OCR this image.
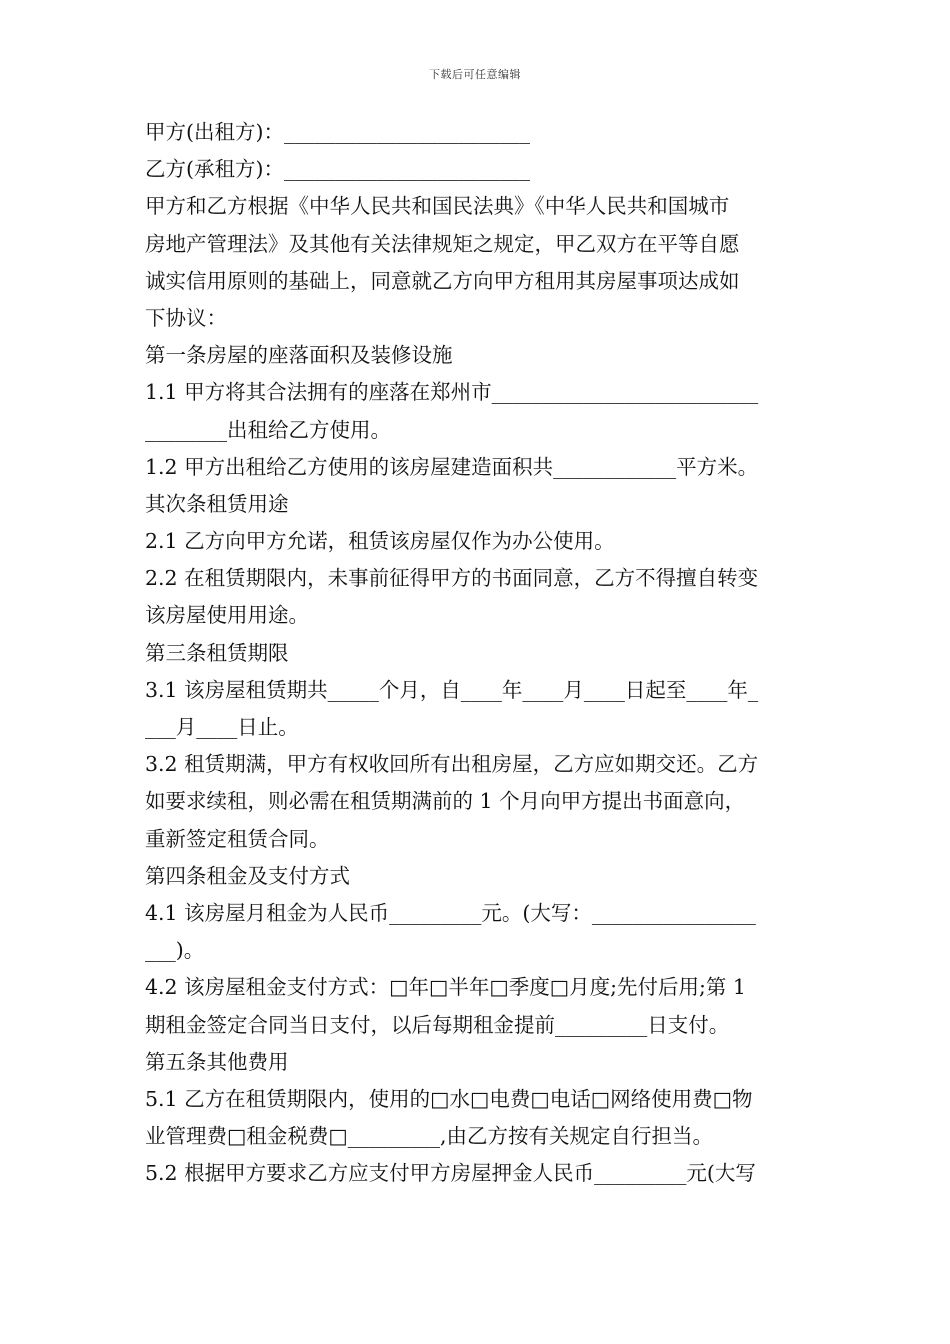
下载后可任意编辑
甲方(出租方)：________________________
乙方(承租方)：________________________
甲方和乙方根据《中华人民共和国民法典》《中华人民共和国城市
房地产管理法》及其他有关法律规矩之规定，甲乙双方在平等自愿
诚实信用原则的基础上，同意就乙方向甲方租用其房屋事项达成如
下协议：
第一条房屋的座落面积及装修设施
1.1 甲方将其合法拥有的座落在郑州市__________________________
________出租给乙方使用。
1.2 甲方出租给乙方使用的该房屋建造面积共____________平方米。
其次条租赁用途
2.1 乙方向甲方允诺，租赁该房屋仅作为办公使用。
2.2 在租赁期限内，未事前征得甲方的书面同意，乙方不得擅自转变
该房屋使用用途。
第三条租赁期限
3.1 该房屋租赁期共_____个月，自____年____月____日起至____年_
___月____日止。
3.2 租赁期满，甲方有权收回所有出租房屋，乙方应如期交还。乙方
如要求续租，则必需在租赁期满前的 1 个月向甲方提出书面意向，
重新签定租赁合同。
第四条租金及支付方式
4.1 该房屋月租金为人民币_________元。(大写：________________
___)。
4.2 该房屋租金支付方式：□年□半年□季度□月度;先付后用;第 1
期租金签定合同当日支付，以后每期租金提前_________日支付。
第五条其他费用
5.1 乙方在租赁期限内，使用的□水□电费□电话□网络使用费□物
业管理费□租金税费□_________,由乙方按有关规定自行担当。
5.2 根据甲方要求乙方应支付甲方房屋押金人民币_________元(大写
